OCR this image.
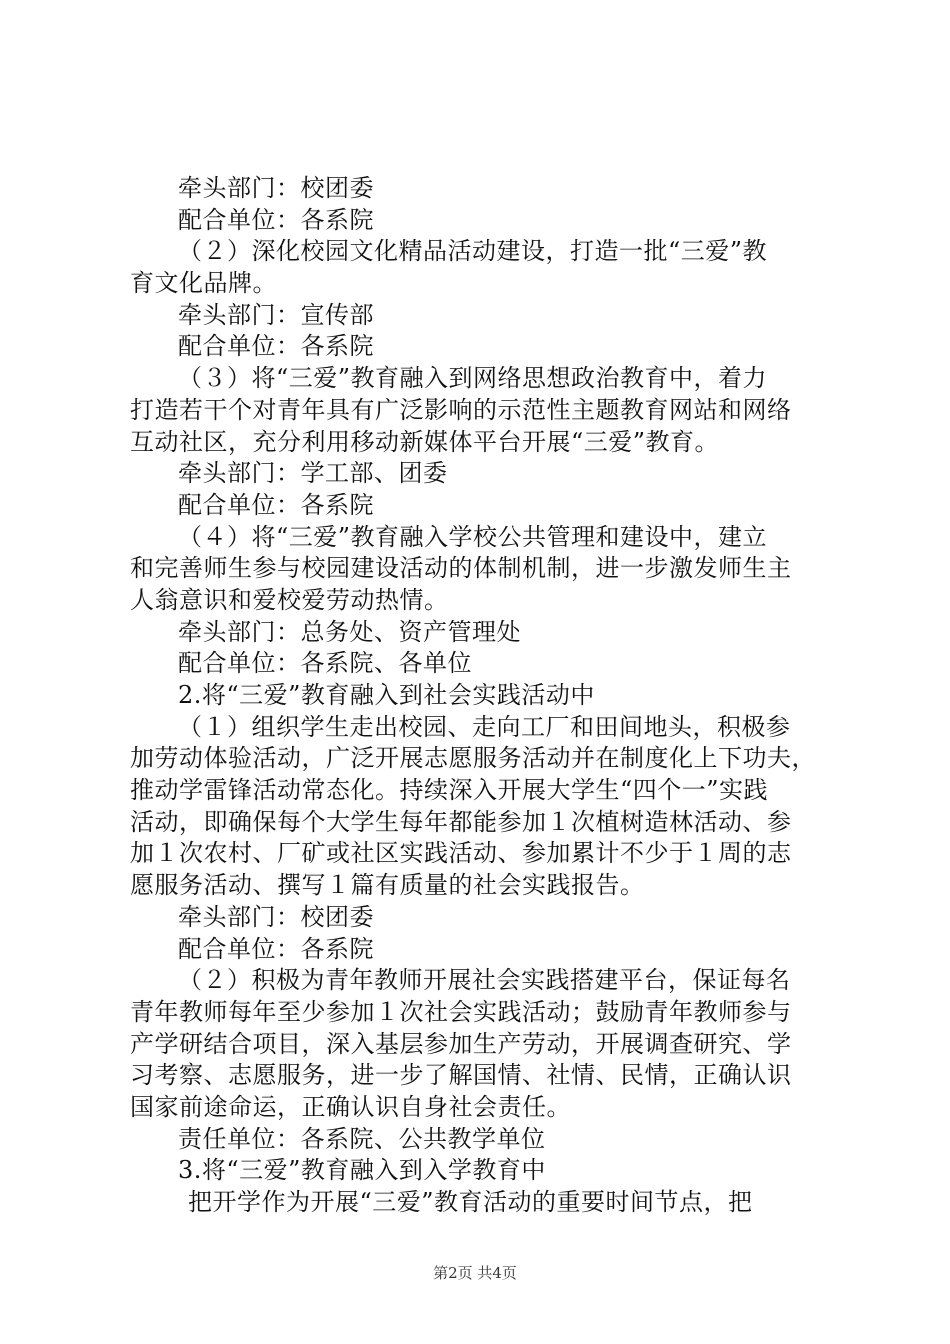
牵头部门：校团委
配合单位：各系院
（２）深化校园文化精品活动建设，打造一批“三爱”教
育文化品牌。
牵头部门：宣传部
配合单位：各系院
（３）将“三爱”教育融入到网络思想政治教育中，着力
打造若干个对青年具有广泛影响的示范性主题教育网站和网络
互动社区，充分利用移动新媒体平台开展“三爱”教育。
牵头部门：学工部、团委
配合单位：各系院
（４）将“三爱”教育融入学校公共管理和建设中，建立
和完善师生参与校园建设活动的体制机制，进一步激发师生主
人翁意识和爱校爱劳动热情。
牵头部门：总务处、资产管理处
配合单位：各系院、各单位
2.将“三爱”教育融入到社会实践活动中
（１）组织学生走出校园、走向工厂和田间地头，积极参
加劳动体验活动，广泛开展志愿服务活动并在制度化上下功夫，
推动学雷锋活动常态化。持续深入开展大学生“四个一”实践
活动，即确保每个大学生每年都能参加１次植树造林活动、参
加１次农村、厂矿或社区实践活动、参加累计不少于１周的志
愿服务活动、撰写１篇有质量的社会实践报告。
牵头部门：校团委
配合单位：各系院
（２）积极为青年教师开展社会实践搭建平台，保证每名
青年教师每年至少参加１次社会实践活动；鼓励青年教师参与
产学研结合项目，深入基层参加生产劳动，开展调查研究、学
习考察、志愿服务，进一步了解国情、社情、民情，正确认识
国家前途命运，正确认识自身社会责任。
责任单位：各系院、公共教学单位
3.将“三爱”教育融入到入学教育中
把开学作为开展“三爱”教育活动的重要时间节点，把
第2页 共4页
